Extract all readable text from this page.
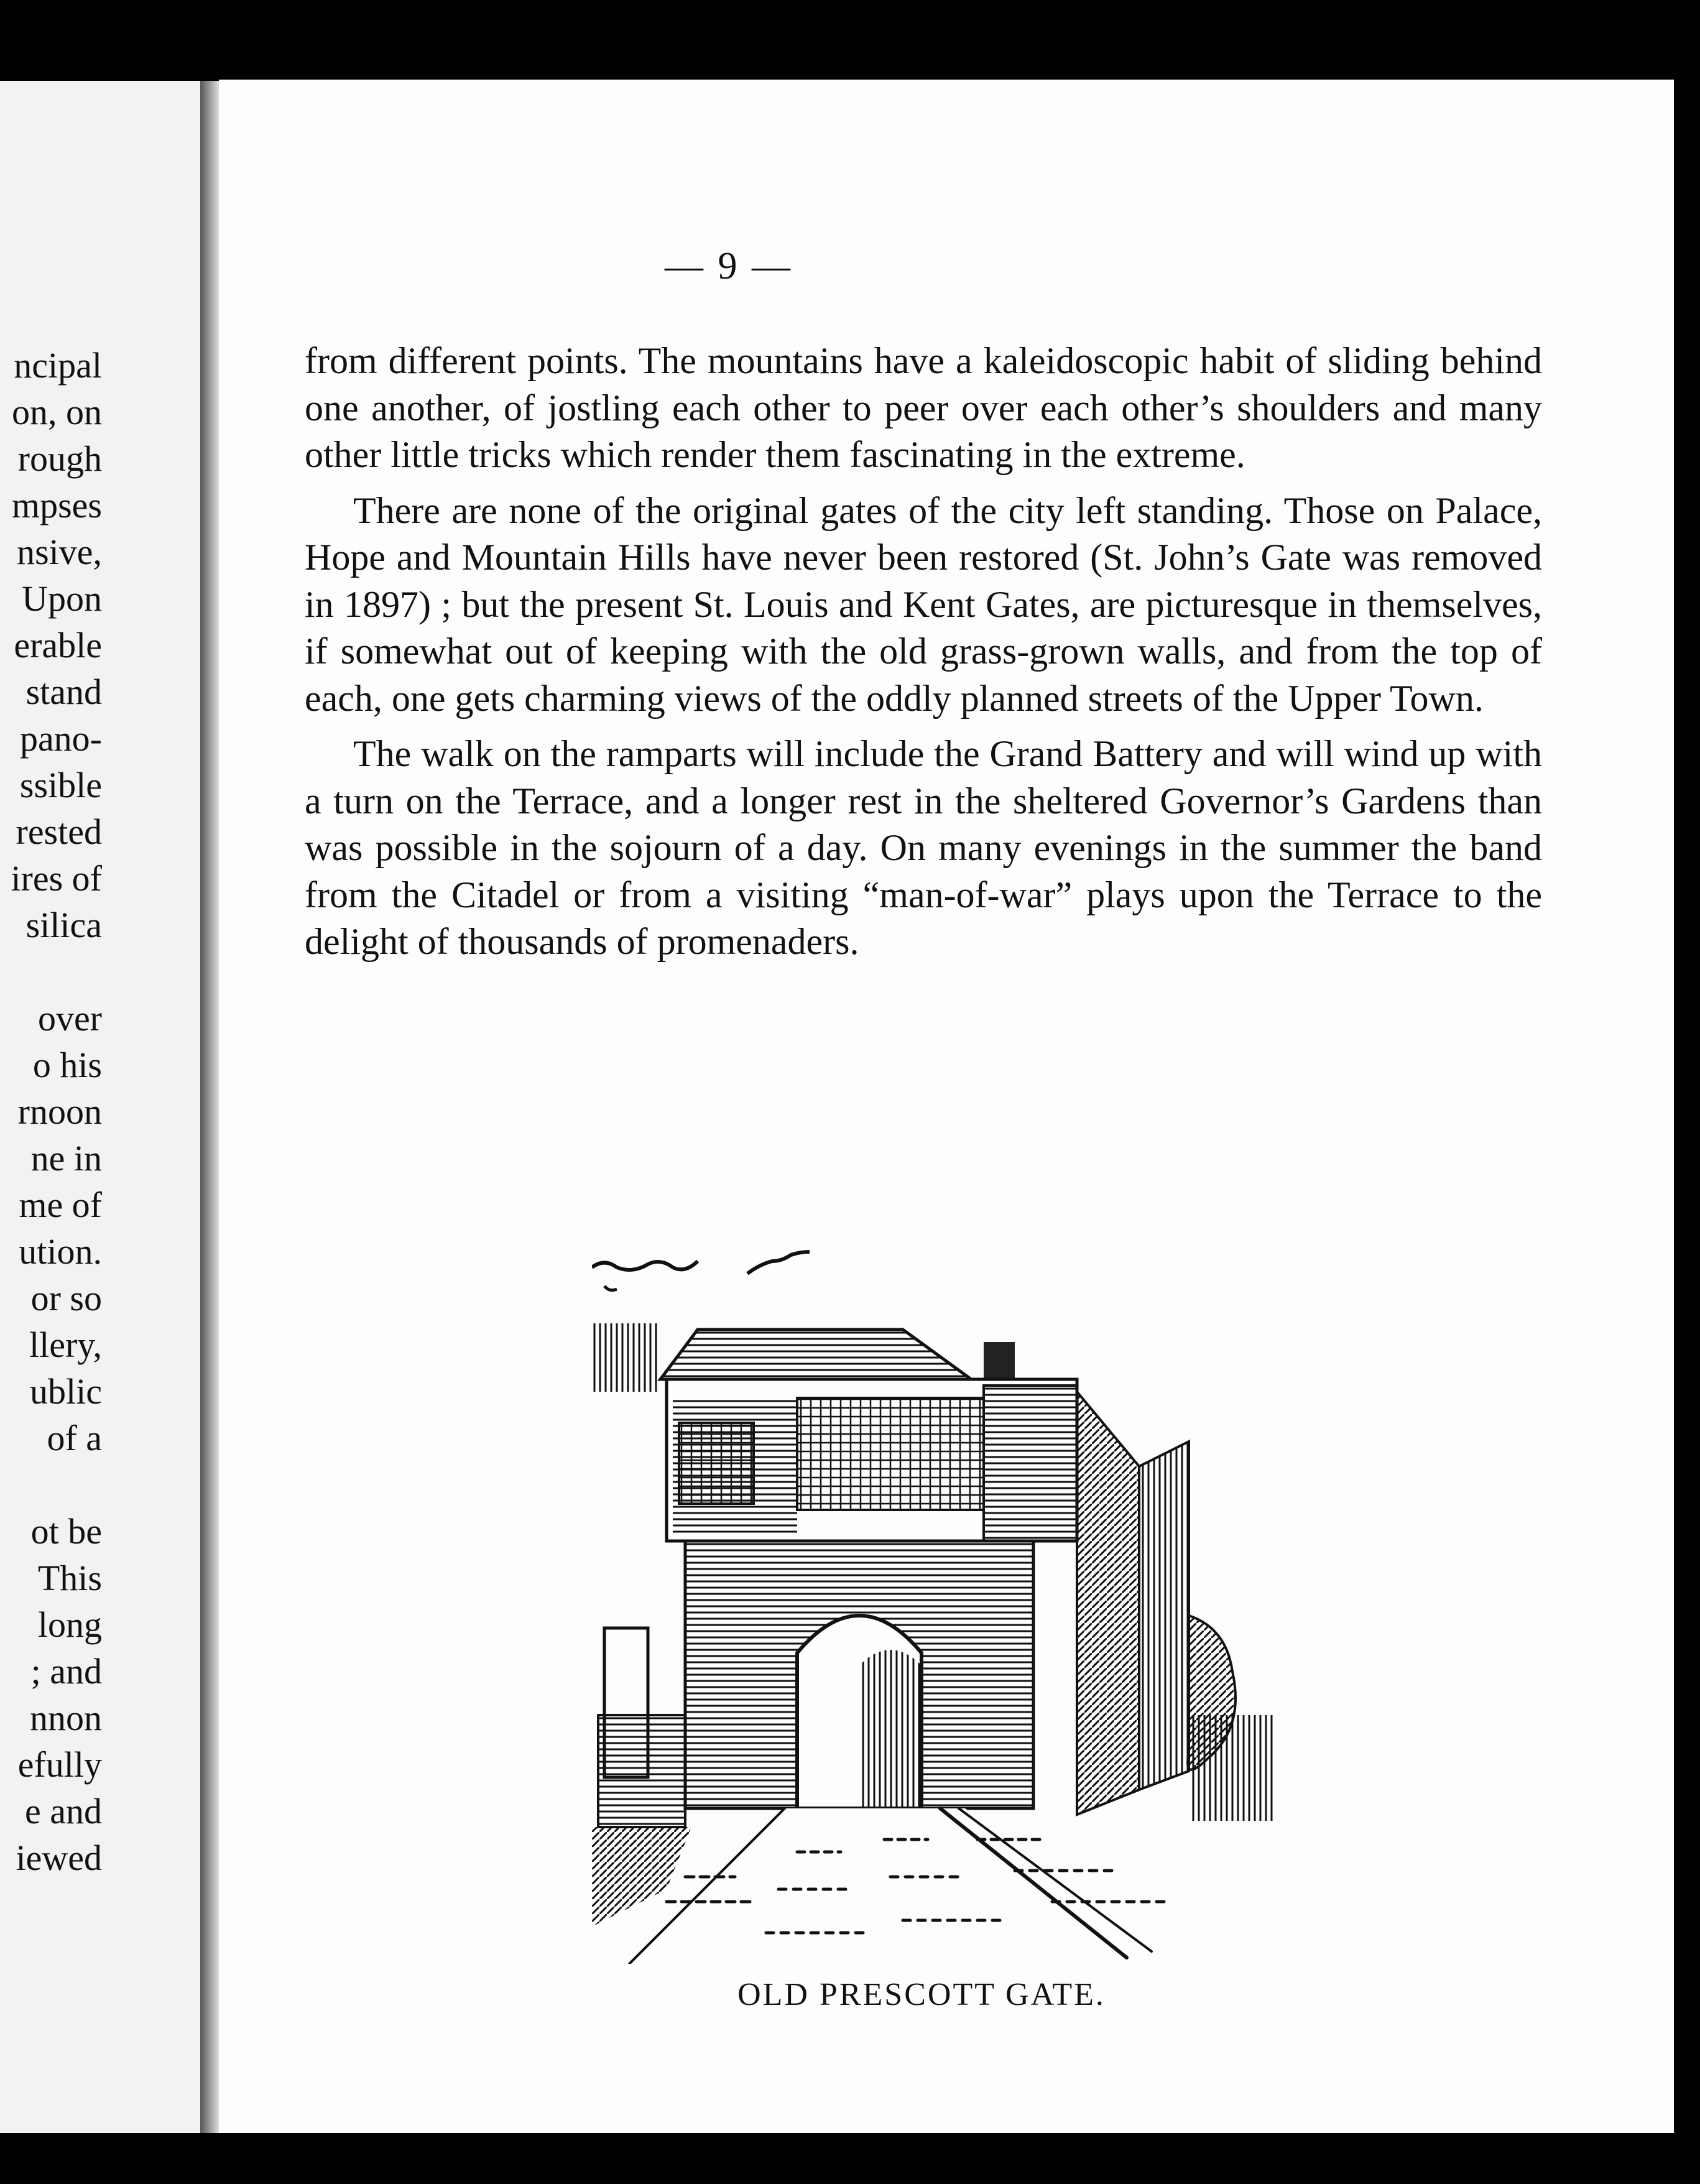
ncipal
on, on
rough
mpses
nsive,
Upon
erable
stand
pano-
ssible
rested
ires of
silica
over
o his
rnoon
ne in
me of
ution.
or so
llery,
ublic
of a
ot be
This
long
; and
nnon
efully
e and
iewed
— 9 —

from different points. The mountains have a kaleidoscopic habit of sliding behind one another, of jostling each other to peer over each other’s shoulders and many other little tricks which render them fascinating in the extreme.

There are none of the original gates of the city left standing. Those on Palace, Hope and Mountain Hills have never been restored (St. John’s Gate was removed in 1897) ; but the present St. Louis and Kent Gates, are picturesque in themselves, if somewhat out of keeping with the old grass-grown walls, and from the top of each, one gets charming views of the oddly planned streets of the Upper Town.

The walk on the ramparts will include the Grand Battery and will wind up with a turn on the Terrace, and a longer rest in the sheltered Governor’s Gardens than was possible in the sojourn of a day. On many evenings in the summer the band from the Citadel or from a visiting “man-of-war” plays upon the Terrace to the delight of thousands of promenaders.

OLD PRESCOTT GATE.
